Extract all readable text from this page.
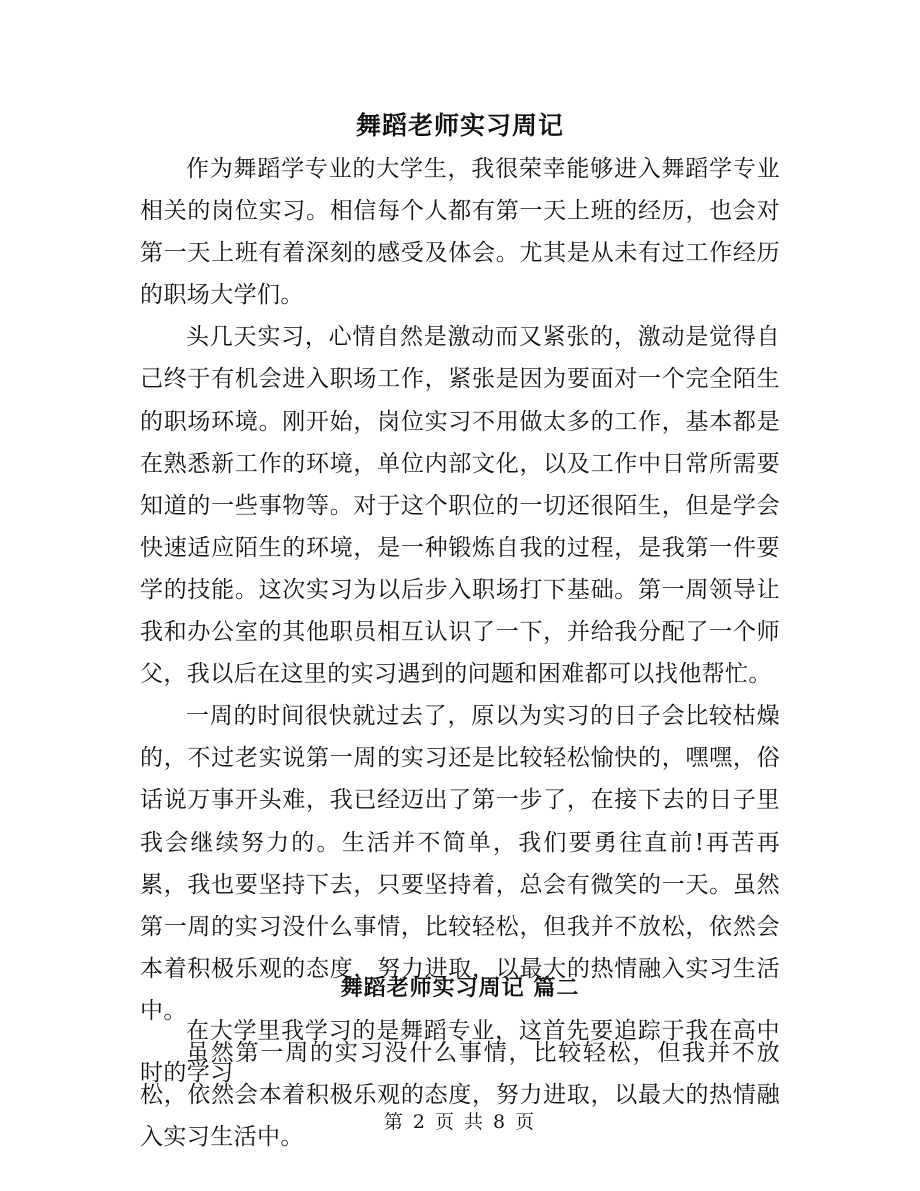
舞蹈老师实习周记

作为舞蹈学专业的大学生，我很荣幸能够进入舞蹈学专业相关的岗位实习。相信每个人都有第一天上班的经历，也会对第一天上班有着深刻的感受及体会。尤其是从未有过工作经历的职场大学们。

头几天实习，心情自然是激动而又紧张的，激动是觉得自己终于有机会进入职场工作，紧张是因为要面对一个完全陌生的职场环境。刚开始，岗位实习不用做太多的工作，基本都是在熟悉新工作的环境，单位内部文化，以及工作中日常所需要知道的一些事物等。对于这个职位的一切还很陌生，但是学会快速适应陌生的环境，是一种锻炼自我的过程，是我第一件要学的技能。这次实习为以后步入职场打下基础。第一周领导让我和办公室的其他职员相互认识了一下，并给我分配了一个师父，我以后在这里的实习遇到的问题和困难都可以找他帮忙。

一周的时间很快就过去了，原以为实习的日子会比较枯燥的，不过老实说第一周的实习还是比较轻松愉快的，嘿嘿，俗话说万事开头难，我已经迈出了第一步了，在接下去的日子里我会继续努力的。生活并不简单，我们要勇往直前!再苦再累，我也要坚持下去，只要坚持着，总会有微笑的一天。虽然第一周的实习没什么事情，比较轻松，但我并不放松，依然会本着积极乐观的态度，努力进取，以最大的热情融入实习生活中。

虽然第一周的实习没什么事情，比较轻松，但我并不放松，依然会本着积极乐观的态度，努力进取，以最大的热情融入实习生活中。

舞蹈老师实习周记 篇二

在大学里我学习的是舞蹈专业，这首先要追踪于我在高中时的学习

第 2 页 共 8 页
